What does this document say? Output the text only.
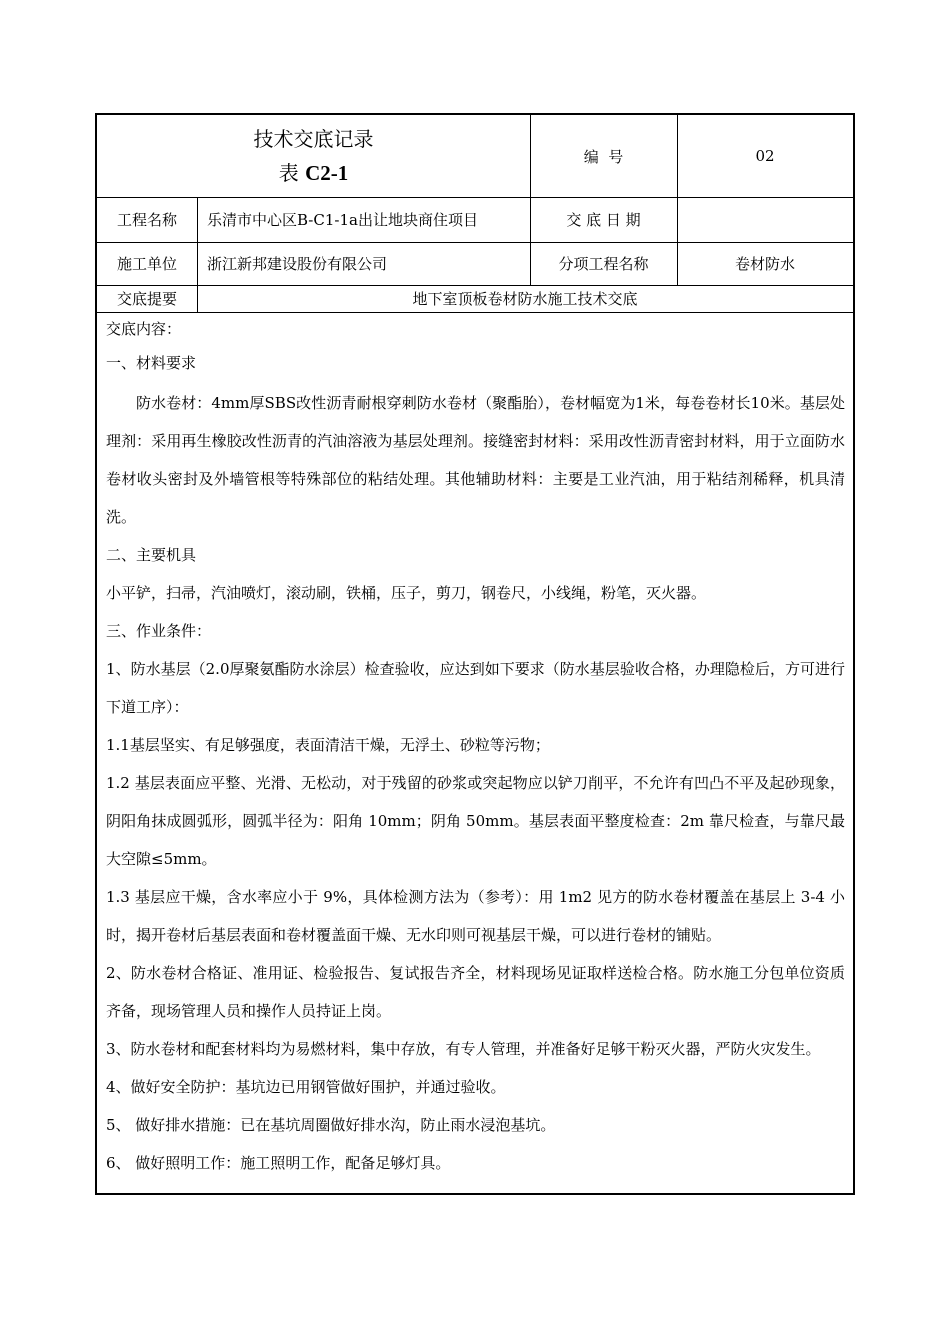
技术交底记录
表 C2-1
编  号	02
工程名称	乐清市中心区B-C1-1a出让地块商住项目	交 底 日 期
施工单位	浙江新邦建设股份有限公司	分项工程名称	卷材防水
交底提要	地下室顶板卷材防水施工技术交底

交底内容：

一、材料要求

防水卷材：4mm厚SBS改性沥青耐根穿刺防水卷材（聚酯胎），卷材幅宽为1米，每卷卷材长10米。基层处理剂：采用再生橡胶改性沥青的汽油溶液为基层处理剂。接缝密封材料：采用改性沥青密封材料，用于立面防水卷材收头密封及外墙管根等特殊部位的粘结处理。其他辅助材料：主要是工业汽油，用于粘结剂稀释，机具清洗。

二、主要机具

小平铲，扫帚，汽油喷灯，滚动刷，铁桶，压子，剪刀，钢卷尺，小线绳，粉笔，灭火器。

三、作业条件：

1、防水基层（2.0厚聚氨酯防水涂层）检查验收，应达到如下要求（防水基层验收合格，办理隐检后，方可进行下道工序）：

1.1基层坚实、有足够强度，表面清洁干燥，无浮土、砂粒等污物；

1.2 基层表面应平整、光滑、无松动，对于残留的砂浆或突起物应以铲刀削平，不允许有凹凸不平及起砂现象，阴阳角抹成圆弧形，圆弧半径为：阳角 10mm；阴角 50mm。基层表面平整度检查：2m 靠尺检查，与靠尺最大空隙≤5mm。

1.3 基层应干燥，含水率应小于 9%，具体检测方法为（参考）：用 1m2 见方的防水卷材覆盖在基层上 3-4 小时，揭开卷材后基层表面和卷材覆盖面干燥、无水印则可视基层干燥，可以进行卷材的铺贴。

2、防水卷材合格证、准用证、检验报告、复试报告齐全，材料现场见证取样送检合格。防水施工分包单位资质齐备，现场管理人员和操作人员持证上岗。

3、防水卷材和配套材料均为易燃材料，集中存放，有专人管理，并准备好足够干粉灭火器，严防火灾发生。

4、做好安全防护：基坑边已用钢管做好围护，并通过验收。

5、 做好排水措施：已在基坑周圈做好排水沟，防止雨水浸泡基坑。

6、 做好照明工作：施工照明工作，配备足够灯具。
